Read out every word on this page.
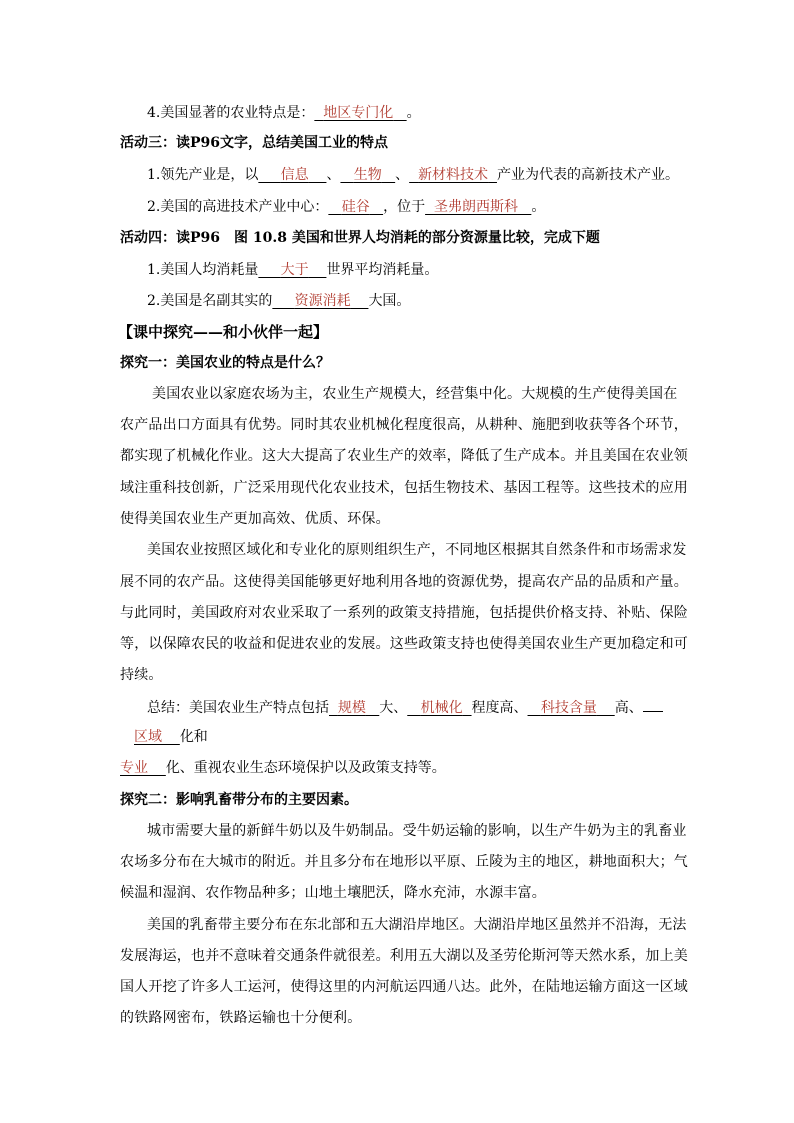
4.美国显著的农业特点是： 地区专门化 。
活动三：读P96文字，总结美国工业的特点
1.领先产业是，以 信息 、 生物 、 新材料技术 产业为代表的高新技术产业。
2.美国的高进技术产业中心： 硅谷 ，位于 圣弗朗西斯科 。
活动四：读P96　图 10.8 美国和世界人均消耗的部分资源量比较，完成下题
1.美国人均消耗量 大于 世界平均消耗量。
2.美国是名副其实的 资源消耗 大国。
【课中探究——和小伙伴一起】
探究一：美国农业的特点是什么？
美国农业以家庭农场为主，农业生产规模大，经营集中化。大规模的生产使得美国在
农产品出口方面具有优势。同时其农业机械化程度很高，从耕种、施肥到收获等各个环节，
都实现了机械化作业。这大大提高了农业生产的效率，降低了生产成本。并且美国在农业领
域注重科技创新，广泛采用现代化农业技术，包括生物技术、基因工程等。这些技术的应用
使得美国农业生产更加高效、优质、环保。
美国农业按照区域化和专业化的原则组织生产，不同地区根据其自然条件和市场需求发
展不同的农产品。这使得美国能够更好地利用各地的资源优势，提高农产品的品质和产量。
与此同时，美国政府对农业采取了一系列的政策支持措施，包括提供价格支持、补贴、保险
等，以保障农民的收益和促进农业的发展。这些政策支持也使得美国农业生产更加稳定和可
持续。
总结：美国农业生产特点包括 规模 大、 机械化 程度高、 科技含量 高、
区域 化和
专业 化、重视农业生态环境保护以及政策支持等。
探究二：影响乳畜带分布的主要因素。
城市需要大量的新鲜牛奶以及牛奶制品。受牛奶运输的影响，以生产牛奶为主的乳畜业
农场多分布在大城市的附近。并且多分布在地形以平原、丘陵为主的地区，耕地面积大；气
候温和湿润、农作物品种多；山地土壤肥沃，降水充沛，水源丰富。
美国的乳畜带主要分布在东北部和五大湖沿岸地区。大湖沿岸地区虽然并不沿海，无法
发展海运，也并不意味着交通条件就很差。利用五大湖以及圣劳伦斯河等天然水系，加上美
国人开挖了许多人工运河，使得这里的内河航运四通八达。此外，在陆地运输方面这一区域
的铁路网密布，铁路运输也十分便利。
